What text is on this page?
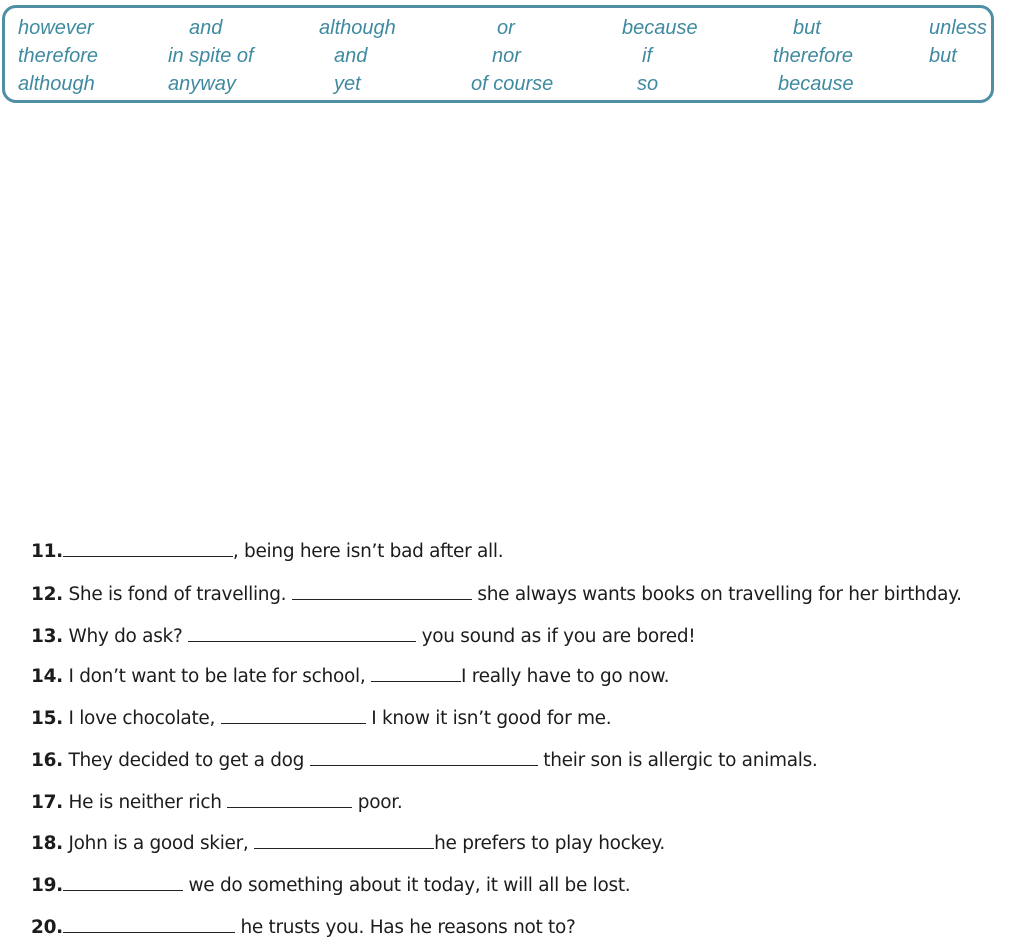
however	and	although	or	because	but	unless
therefore	in spite of	and	nor	if	therefore	but
although	anyway	yet	of course	so	because
11.	, being here isn’t bad after all.
12. She is fond of travelling.	she always wants books on travelling for her birthday.
13. Why do ask?	you sound as if you are bored!
14. I don’t want to be late for school,	I really have to go now.
15. I love chocolate,	I know it isn’t good for me.
16. They decided to get a dog	their son is allergic to animals.
17. He is neither rich	poor.
18. John is a good skier,	he prefers to play hockey.
19.	we do something about it today, it will all be lost.
20.	he trusts you. Has he reasons not to?
